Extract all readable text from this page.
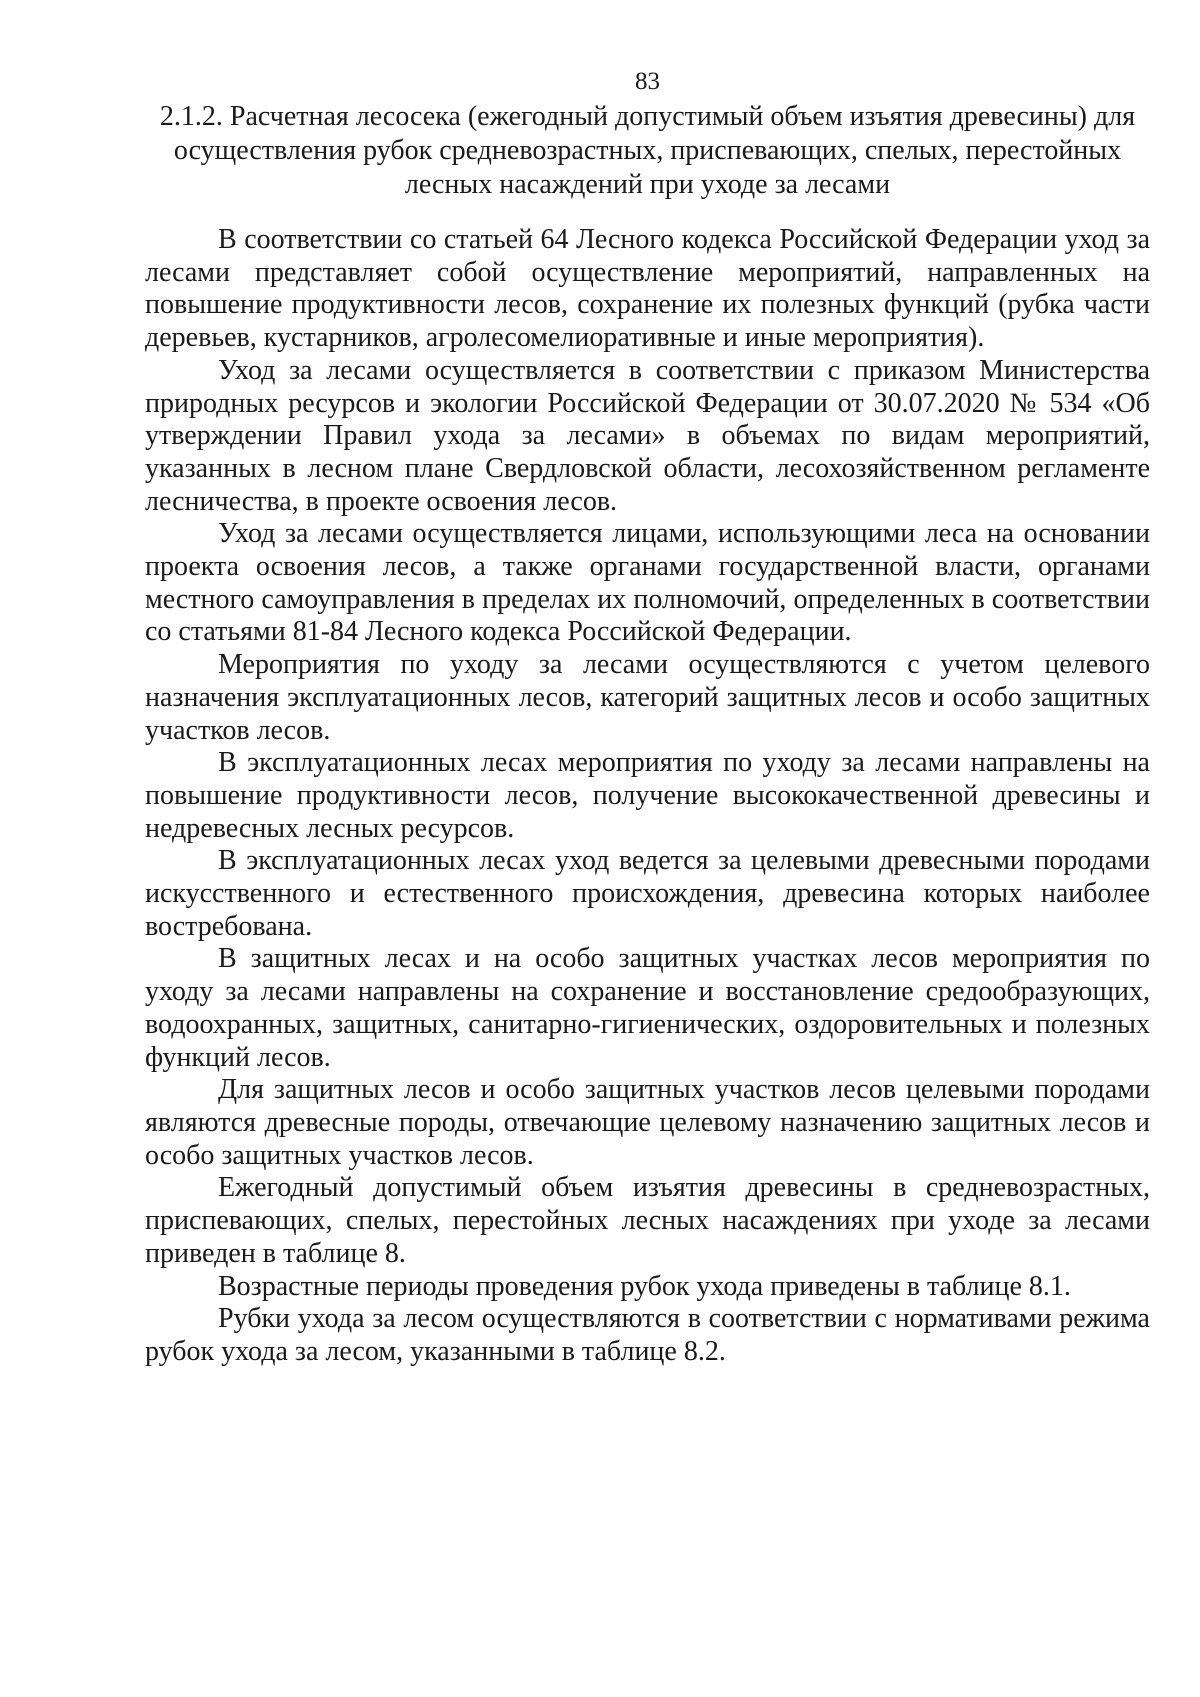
83

2.1.2. Расчетная лесосека (ежегодный допустимый объем изъятия древесины) для
осуществления рубок средневозрастных, приспевающих, спелых, перестойных
лесных насаждений при уходе за лесами

В соответствии со статьей 64 Лесного кодекса Российской Федерации уход за лесами представляет собой осуществление мероприятий, направленных на повышение продуктивности лесов, сохранение их полезных функций (рубка части деревьев, кустарников, агролесомелиоративные и иные мероприятия).

Уход за лесами осуществляется в соответствии с приказом Министерства природных ресурсов и экологии Российской Федерации от 30.07.2020 № 534 «Об утверждении Правил ухода за лесами» в объемах по видам мероприятий, указанных в лесном плане Свердловской области, лесохозяйственном регламенте лесничества, в проекте освоения лесов.

Уход за лесами осуществляется лицами, использующими леса на основании проекта освоения лесов, а также органами государственной власти, органами местного самоуправления в пределах их полномочий, определенных в соответствии со статьями 81-84 Лесного кодекса Российской Федерации.

Мероприятия по уходу за лесами осуществляются с учетом целевого назначения эксплуатационных лесов, категорий защитных лесов и особо защитных участков лесов.

В эксплуатационных лесах мероприятия по уходу за лесами направлены на повышение продуктивности лесов, получение высококачественной древесины и недревесных лесных ресурсов.

В эксплуатационных лесах уход ведется за целевыми древесными породами искусственного и естественного происхождения, древесина которых наиболее востребована.

В защитных лесах и на особо защитных участках лесов мероприятия по уходу за лесами направлены на сохранение и восстановление средообразующих, водоохранных, защитных, санитарно-гигиенических, оздоровительных и полезных функций лесов.

Для защитных лесов и особо защитных участков лесов целевыми породами являются древесные породы, отвечающие целевому назначению защитных лесов и особо защитных участков лесов.

Ежегодный допустимый объем изъятия древесины в средневозрастных, приспевающих, спелых, перестойных лесных насаждениях при уходе за лесами приведен в таблице 8.

Возрастные периоды проведения рубок ухода приведены в таблице 8.1.

Рубки ухода за лесом осуществляются в соответствии с нормативами режима рубок ухода за лесом, указанными в таблице 8.2.
